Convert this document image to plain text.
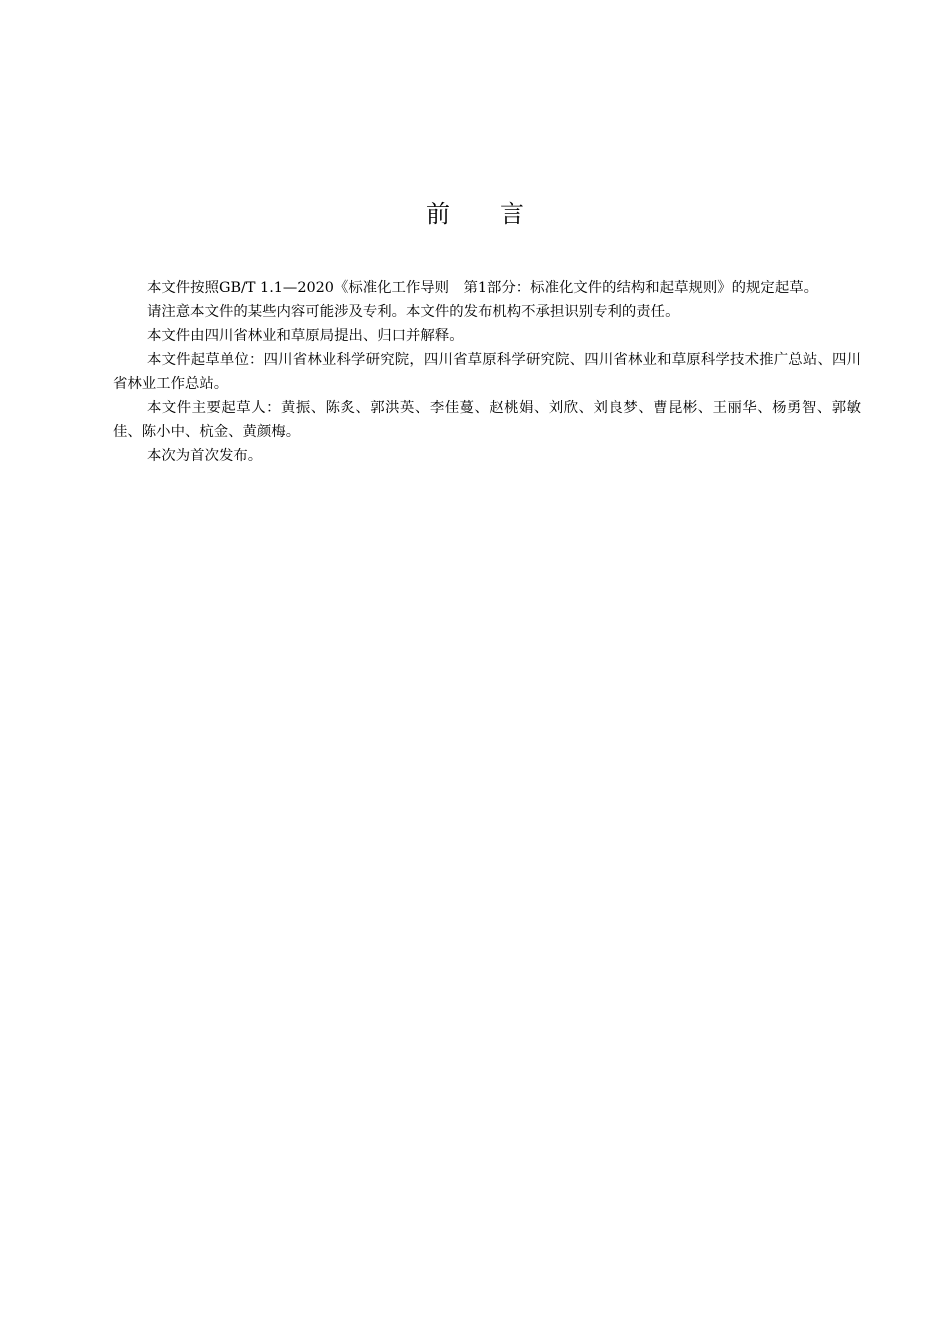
前言

本文件按照GB/T 1.1—2020《标准化工作导则　第1部分：标准化文件的结构和起草规则》的规定起草。

请注意本文件的某些内容可能涉及专利。本文件的发布机构不承担识别专利的责任。

本文件由四川省林业和草原局提出、归口并解释。

本文件起草单位：四川省林业科学研究院，四川省草原科学研究院、四川省林业和草原科学技术推广总站、四川省林业工作总站。

本文件主要起草人：黄振、陈炙、郭洪英、李佳蔓、赵桃娟、刘欣、刘良梦、曹昆彬、王丽华、杨勇智、郭敏佳、陈小中、杭金、黄颜梅。

本次为首次发布。
